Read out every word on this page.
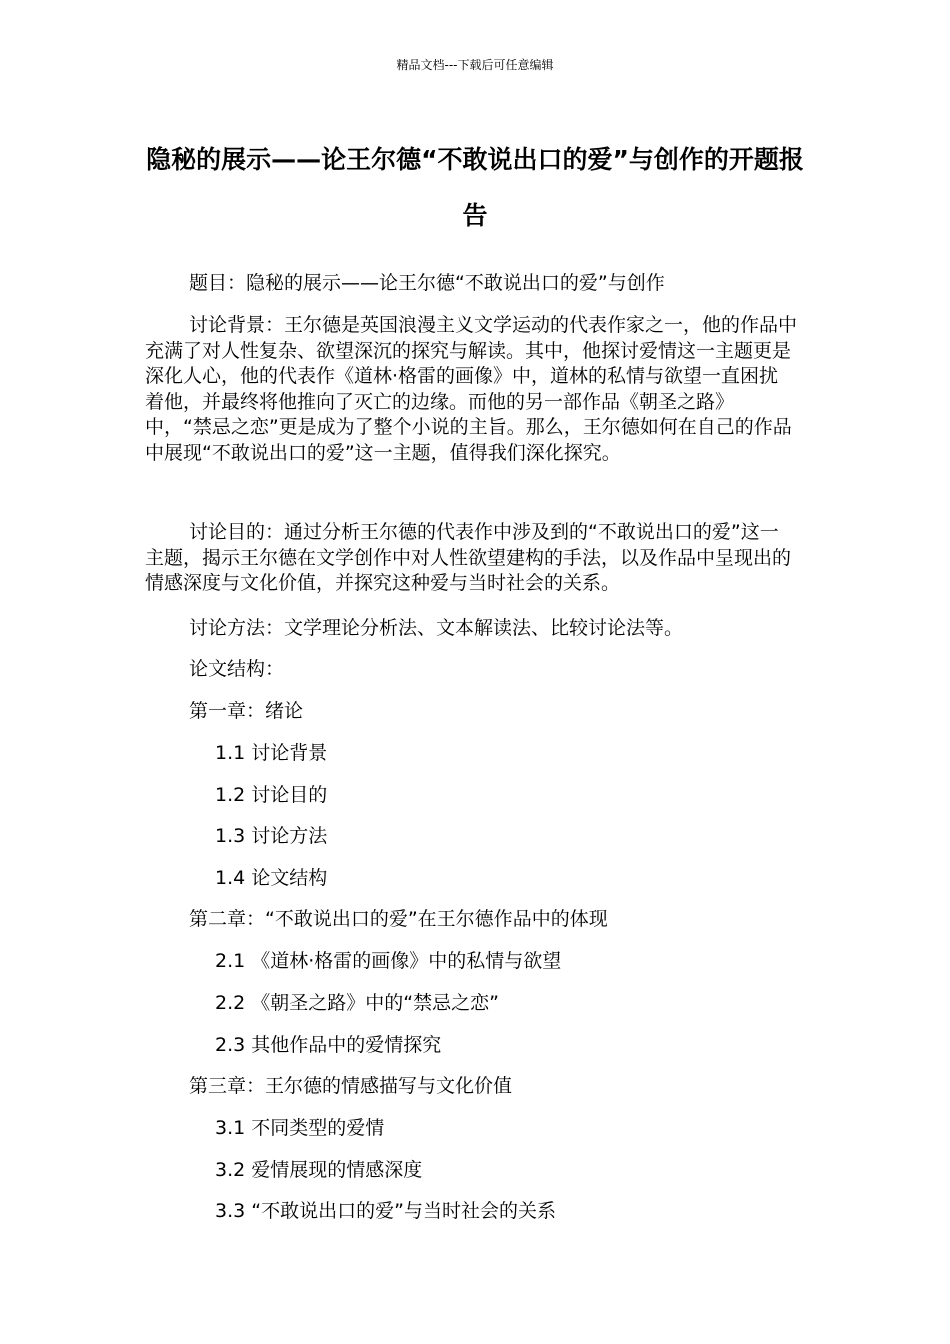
精品文档---下载后可任意编辑
隐秘的展示——论王尔德“不敢说出口的爱”与创作的开题报告

题目：隐秘的展示——论王尔德“不敢说出口的爱”与创作

讨论背景：王尔德是英国浪漫主义文学运动的代表作家之一，他的作品中充满了对人性复杂、欲望深沉的探究与解读。其中，他探讨爱情这一主题更是深化人心，他的代表作《道林·格雷的画像》中，道林的私情与欲望一直困扰着他，并最终将他推向了灭亡的边缘。而他的另一部作品《朝圣之路》中，“禁忌之恋”更是成为了整个小说的主旨。那么，王尔德如何在自己的作品中展现“不敢说出口的爱”这一主题，值得我们深化探究。

讨论目的：通过分析王尔德的代表作中涉及到的“不敢说出口的爱”这一主题，揭示王尔德在文学创作中对人性欲望建构的手法，以及作品中呈现出的情感深度与文化价值，并探究这种爱与当时社会的关系。

讨论方法：文学理论分析法、文本解读法、比较讨论法等。

论文结构：

第一章：绪论

1.1 讨论背景

1.2 讨论目的

1.3 讨论方法

1.4 论文结构

第二章：“不敢说出口的爱”在王尔德作品中的体现

2.1 《道林·格雷的画像》中的私情与欲望

2.2 《朝圣之路》中的“禁忌之恋”

2.3 其他作品中的爱情探究

第三章：王尔德的情感描写与文化价值

3.1 不同类型的爱情

3.2 爱情展现的情感深度

3.3 “不敢说出口的爱”与当时社会的关系
